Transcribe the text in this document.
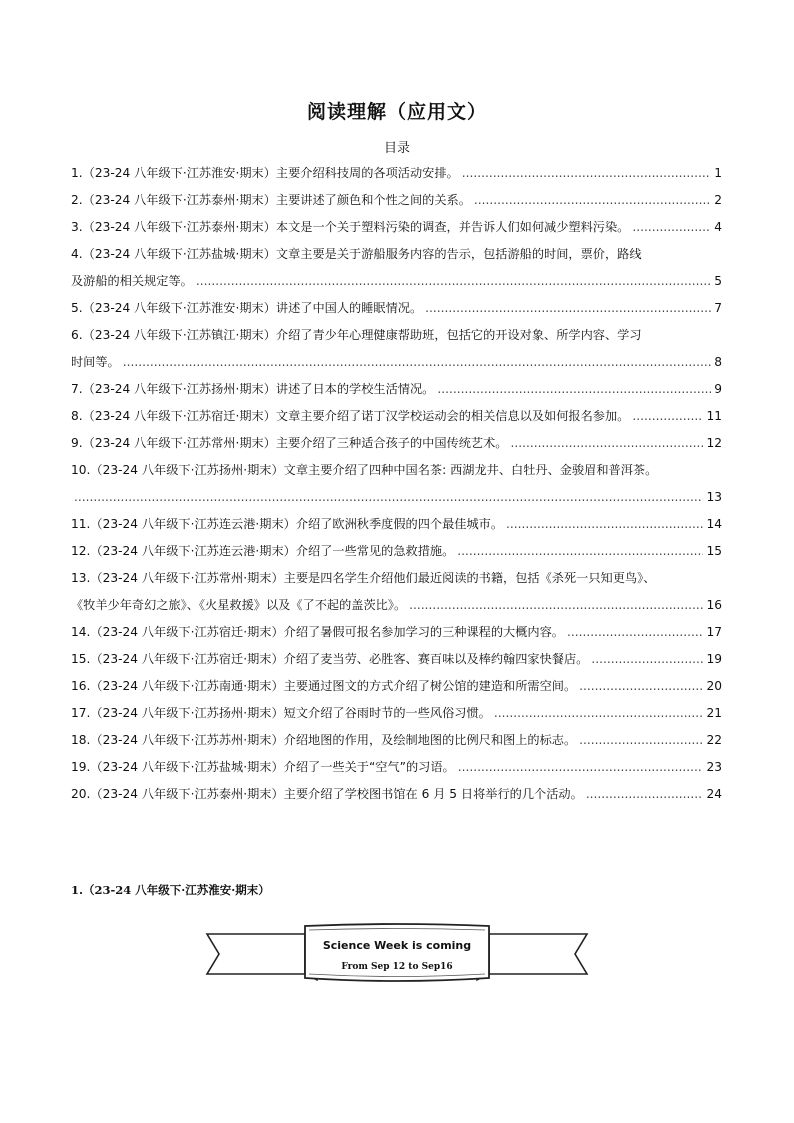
阅读理解（应用文）
目录
1.（23-24 八年级下·江苏淮安·期末）主要介绍科技周的各项活动安排。 .....	1
2.（23-24 八年级下·江苏泰州·期末）主要讲述了颜色和个性之间的关系。 .....	2
3.（23-24 八年级下·江苏泰州·期末）本文是一个关于塑料污染的调查，并告诉人们如何减少塑料污染。 .....	4
4.（23-24 八年级下·江苏盐城·期末）文章主要是关于游船服务内容的告示，包括游船的时间，票价，路线
及游船的相关规定等。 .....	5
5.（23-24 八年级下·江苏淮安·期末）讲述了中国人的睡眠情况。 .....	7
6.（23-24 八年级下·江苏镇江·期末）介绍了青少年心理健康帮助班，包括它的开设对象、所学内容、学习
时间等。 .....	8
7.（23-24 八年级下·江苏扬州·期末）讲述了日本的学校生活情况。 .....	9
8.（23-24 八年级下·江苏宿迁·期末）文章主要介绍了诺丁汉学校运动会的相关信息以及如何报名参加。 .....	11
9.（23-24 八年级下·江苏常州·期末）主要介绍了三种适合孩子的中国传统艺术。 .....	12
10.（23-24 八年级下·江苏扬州·期末）文章主要介绍了四种中国名茶: 西湖龙井、白牡丹、金骏眉和普洱茶。
.....
13
11.（23-24 八年级下·江苏连云港·期末）介绍了欧洲秋季度假的四个最佳城市。 .....	14
12.（23-24 八年级下·江苏连云港·期末）介绍了一些常见的急救措施。 .....	15
13.（23-24 八年级下·江苏常州·期末）主要是四名学生介绍他们最近阅读的书籍，包括《杀死一只知更鸟》、
《牧羊少年奇幻之旅》、《火星救援》以及《了不起的盖茨比》。 .....	16
14.（23-24 八年级下·江苏宿迁·期末）介绍了暑假可报名参加学习的三种课程的大概内容。 .....	17
15.（23-24 八年级下·江苏宿迁·期末）介绍了麦当劳、必胜客、赛百味以及棒约翰四家快餐店。 .....	19
16.（23-24 八年级下·江苏南通·期末）主要通过图文的方式介绍了树公馆的建造和所需空间。 .....	20
17.（23-24 八年级下·江苏扬州·期末）短文介绍了谷雨时节的一些风俗习惯。 .....	21
18.（23-24 八年级下·江苏苏州·期末）介绍地图的作用，及绘制地图的比例尺和图上的标志。 .....	22
19.（23-24 八年级下·江苏盐城·期末）介绍了一些关于“空气”的习语。 .....	23
20.（23-24 八年级下·江苏泰州·期末）主要介绍了学校图书馆在 6 月 5 日将举行的几个活动。 .....	24
1.（23-24 八年级下·江苏淮安·期末）
Science Week is coming
From Sep 12 to Sep16
